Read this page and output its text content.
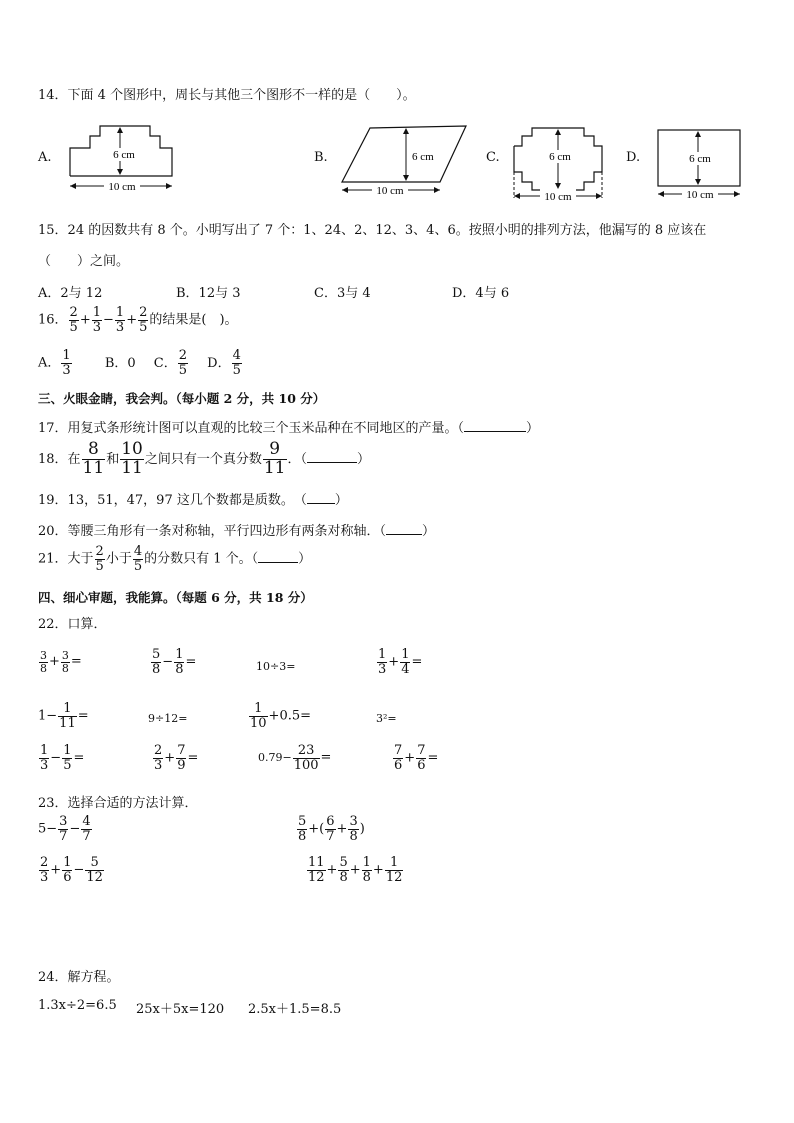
14．下面 4 个图形中，周长与其他三个图形不一样的是（　　）。
A.	6 cm
10 cm
B.	6 cm
10 cm
C.	6 cm
10 cm
D.	6 cm
10 cm
15．24 的因数共有 8 个。小明写出了 7 个：1、24、2、12、3、4、6。按照小明的排列方法，他漏写的 8 应该在
（　　）之间。
A．2与 12	B．12与 3	C．3与 4	D．4与 6
16． $\frac{2}{5} + \frac{1}{3} - \frac{1}{3} + \frac{2}{5}$ 的结果是(　)。
A． $\frac{1}{3}$	B．0 C． $\frac{2}{5}$ D． $\frac{4}{5}$
三、火眼金睛，我会判。（每小题 2 分，共 10 分）
17．用复式条形统计图可以直观的比较三个玉米品种在不同地区的产量。（	）
18．在 $\frac{8}{11}$ 和 $\frac{10}{11}$ 之间只有一个真分数 $\frac{9}{11}$ ．（	）
19．13，51，47，97 这几个数都是质数。　（ ）
20．等腰三角形有一条对称轴，平行四边形有两条对称轴．（	）
21．大于 $\frac{2}{5}$ 小于 $\frac{4}{5}$ 的分数只有 1 个。（	）
四、细心审题，我能算。（每题 6 分，共 18 分）
22．口算．
$\frac{3}{8} + \frac{3}{8}$ =	$\frac{5}{8} - \frac{1}{8}$ =	10÷3=	$\frac{1}{3} + \frac{1}{4}$ =
$1- \frac{1}{11}$ =	9÷12=	$\frac{1}{10} +0.5=$	3²=
$\frac{1}{3} - \frac{1}{5}$ =	$\frac{2}{3} + \frac{7}{9}$ =	$0.79- \frac{23}{100}$ =	$\frac{7}{6} + \frac{7}{6}$ =
23．选择合适的方法计算．
$5- \frac{3}{7} - \frac{4}{7}$	$\frac{5}{8}$ +( $\frac{6}{7} + \frac{3}{8}$ )
$\frac{2}{3} + \frac{1}{6} - \frac{5}{12}$	$\frac{11}{12} + \frac{5}{8} + \frac{1}{8} + \frac{1}{12}$
24．解方程。
1.3x÷2=6.5 25x＋5x=120 2.5x＋1.5=8.5
